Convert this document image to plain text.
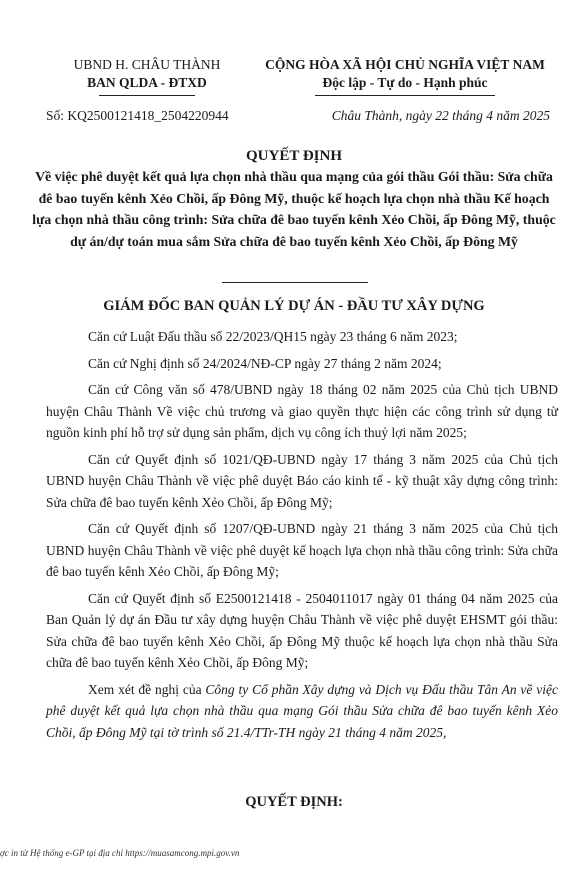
UBND H. CHÂU THÀNH
BAN QLDA - ĐTXD
CỘNG HÒA XÃ HỘI CHỦ NGHĨA VIỆT NAM
Độc lập - Tự do - Hạnh phúc
Số: KQ2500121418_2504220944	Châu Thành, ngày 22 tháng 4 năm 2025
QUYẾT ĐỊNH
Về việc phê duyệt kết quả lựa chọn nhà thầu qua mạng của gói thầu Gói thầu: Sửa chữa đê bao tuyến kênh Xẻo Chồi, ấp Đông Mỹ, thuộc kế hoạch lựa chọn nhà thầu Kế hoạch lựa chọn nhà thầu công trình: Sửa chữa đê bao tuyến kênh Xẻo Chồi, ấp Đông Mỹ, thuộc dự án/dự toán mua sắm Sửa chữa đê bao tuyến kênh Xẻo Chồi, ấp Đông Mỹ
GIÁM ĐỐC BAN QUẢN LÝ DỰ ÁN - ĐẦU TƯ XÂY DỰNG

Căn cứ Luật Đấu thầu số 22/2023/QH15 ngày 23 tháng 6 năm 2023;

Căn cứ Nghị định số 24/2024/NĐ-CP ngày 27 tháng 2 năm 2024;

Căn cứ Công văn số 478/UBND ngày 18 tháng 02 năm 2025 của Chủ tịch UBND huyện Châu Thành Về việc chủ trương và giao quyền thực hiện các công trình sử dụng từ nguồn kinh phí hỗ trợ sử dụng sản phẩm, dịch vụ công ích thuỷ lợi năm 2025;

Căn cứ Quyết định số 1021/QĐ-UBND ngày 17 tháng 3 năm 2025 của Chủ tịch UBND huyện Châu Thành về việc phê duyệt Báo cáo kinh tế - kỹ thuật xây dựng công trình: Sửa chữa đê bao tuyến kênh Xẻo Chồi, ấp Đông Mỹ;

Căn cứ Quyết định số 1207/QĐ-UBND ngày 21 tháng 3 năm 2025 của Chủ tịch UBND huyện Châu Thành về việc phê duyệt kế hoạch lựa chọn nhà thầu công trình: Sửa chữa đê bao tuyến kênh Xẻo Chồi, ấp Đông Mỹ;

Căn cứ Quyết định số E2500121418 - 2504011017 ngày 01 tháng 04 năm 2025 của Ban Quản lý dự án Đầu tư xây dựng huyện Châu Thành về việc phê duyệt EHSMT gói thầu: Sửa chữa đê bao tuyến kênh Xẻo Chồi, ấp Đông Mỹ thuộc kế hoạch lựa chọn nhà thầu Sửa chữa đê bao tuyến kênh Xẻo Chồi, ấp Đông Mỹ;

Xem xét đề nghị của Công ty Cổ phần Xây dựng và Dịch vụ Đấu thầu Tân An về việc phê duyệt kết quả lựa chọn nhà thầu qua mạng Gói thầu Sửa chữa đê bao tuyến kênh Xẻo Chồi, ấp Đông Mỹ tại tờ trình số 21.4/TTr-TH ngày 21 tháng 4 năm 2025,

QUYẾT ĐỊNH:
ợc in từ Hệ thống e-GP tại địa chỉ https://muasamcong.mpi.gov.vn
